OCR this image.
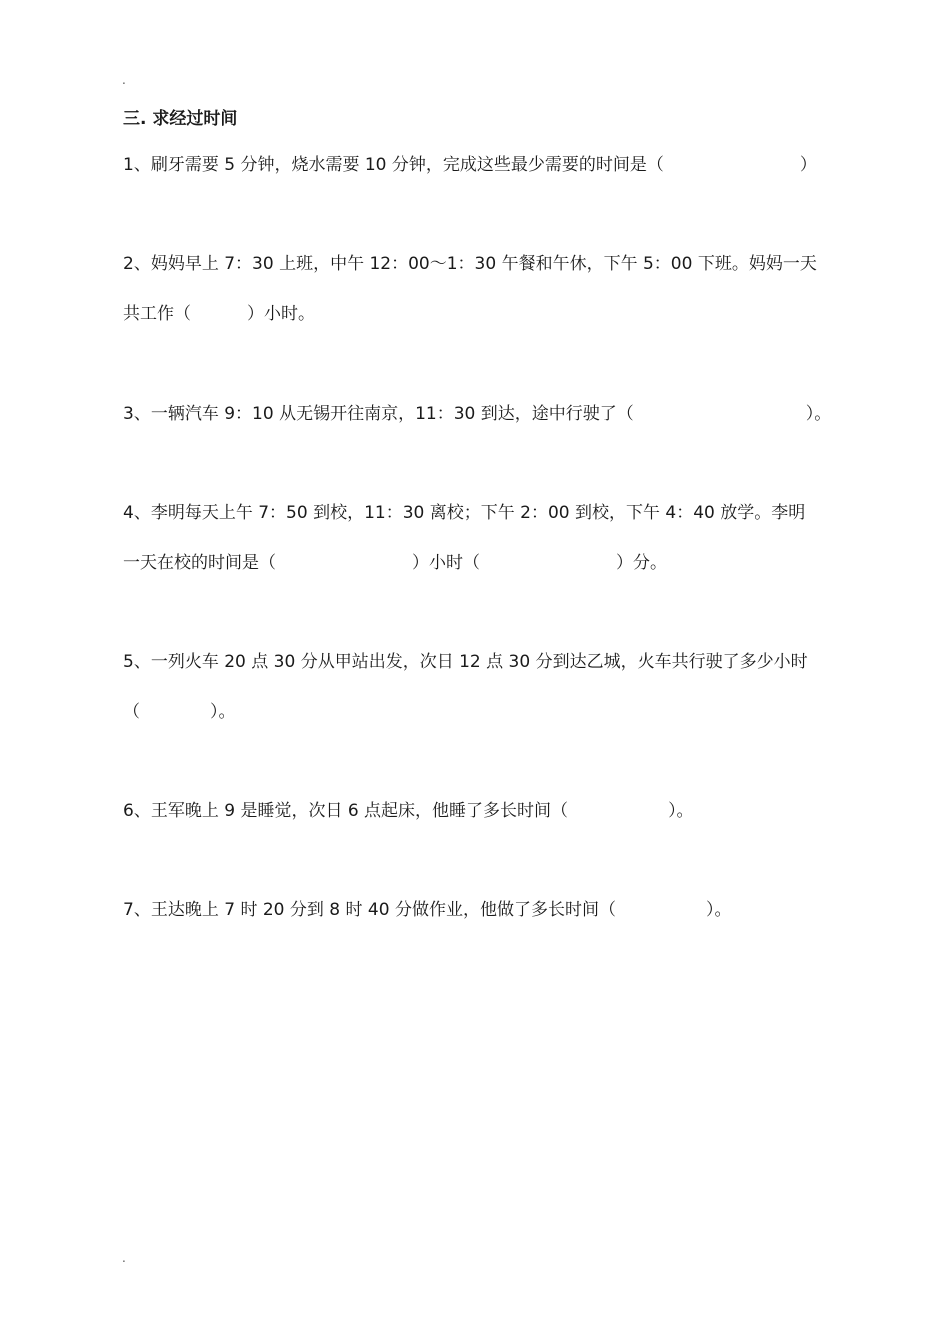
.
三. 求经过时间
1、刷牙需要 5 分钟，烧水需要 10 分钟，完成这些最少需要的时间是（	）
2、妈妈早上 7：30 上班，中午 12：00～1：30 午餐和午休，下午 5：00 下班。妈妈一天
共工作（	）小时。
3、一辆汽车 9：10 从无锡开往南京，11：30 到达，途中行驶了（	）。
4、李明每天上午 7：50 到校，11：30 离校；下午 2：00 到校，下午 4：40 放学。李明
一天在校的时间是（	）小时（	）分。
5、一列火车 20 点 30 分从甲站出发，次日 12 点 30 分到达乙城，火车共行驶了多少小时
（	）。
6、王军晚上 9 是睡觉，次日 6 点起床，他睡了多长时间（	）。
7、王达晚上 7 时 20 分到 8 时 40 分做作业，他做了多长时间（	）。
.
